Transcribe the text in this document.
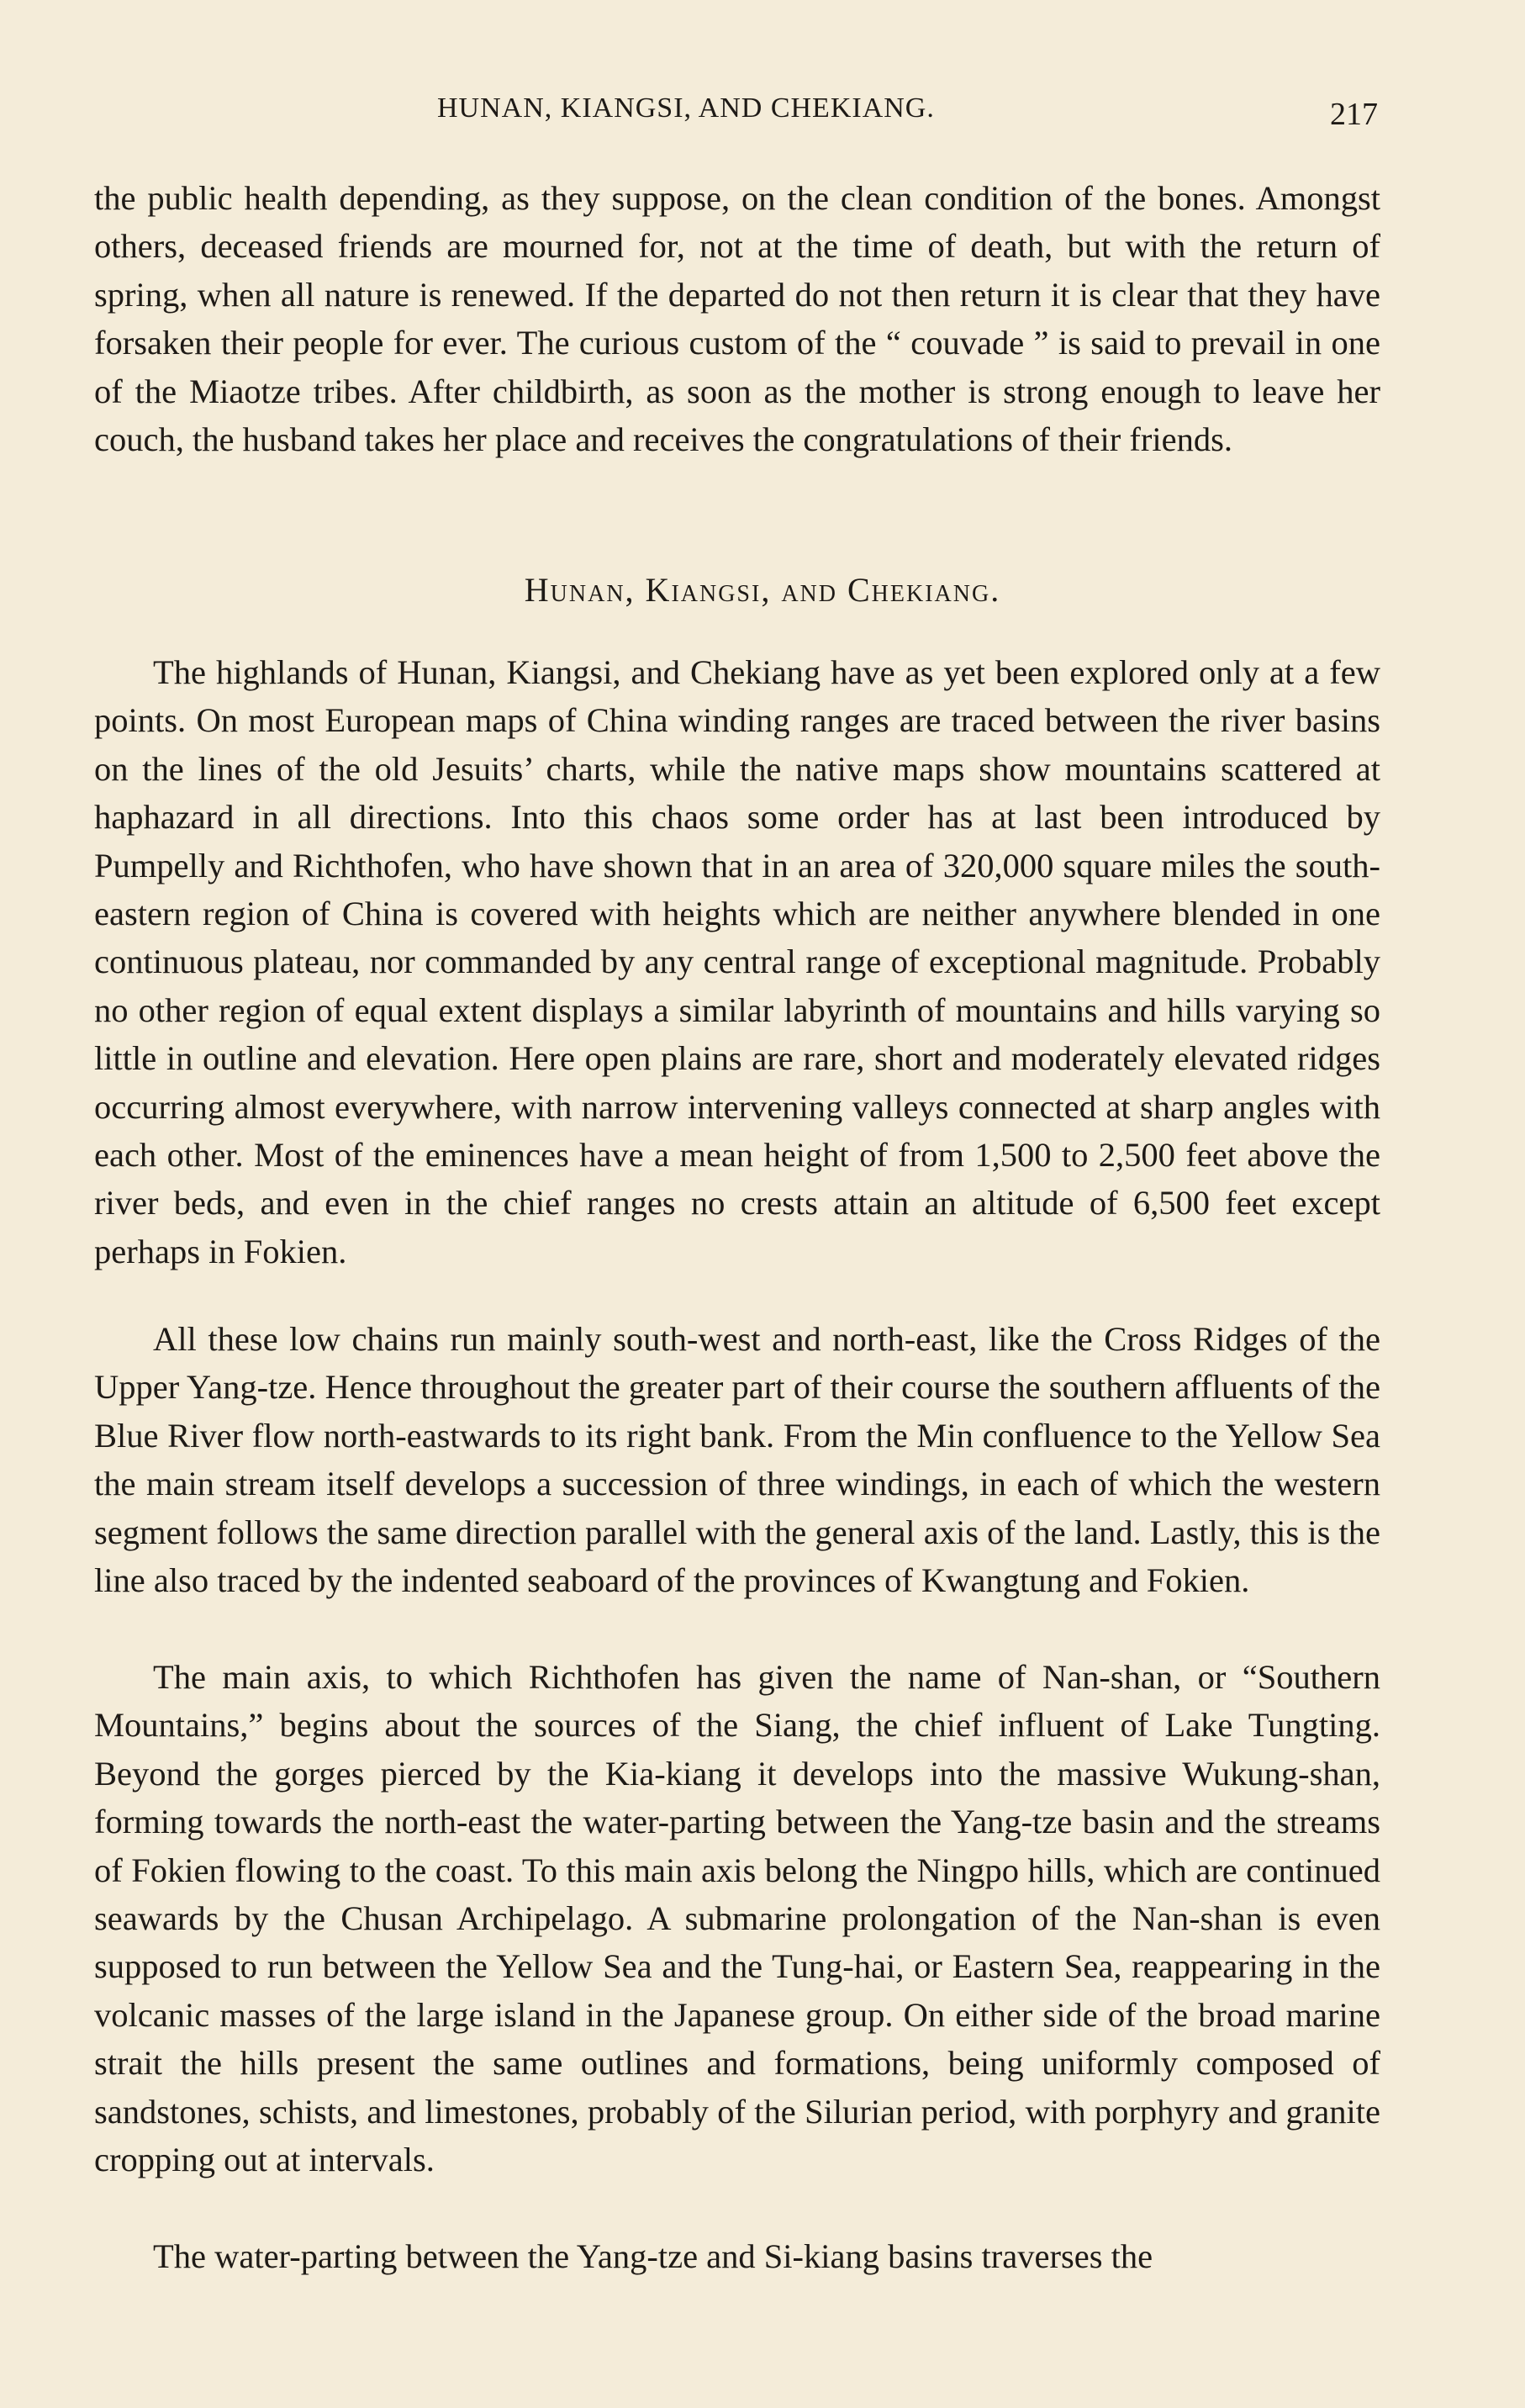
HUNAN, KIANGSI, AND CHEKIANG.	217

the public health depending, as they suppose, on the clean condition of the bones. Amongst others, deceased friends are mourned for, not at the time of death, but with the return of spring, when all nature is renewed. If the departed do not then return it is clear that they have forsaken their people for ever. The curious custom of the “ couvade ” is said to prevail in one of the Miaotze tribes. After childbirth, as soon as the mother is strong enough to leave her couch, the husband takes her place and receives the congratulations of their friends.

Hunan, Kiangsi, and Chekiang.

The highlands of Hunan, Kiangsi, and Chekiang have as yet been explored only at a few points. On most European maps of China winding ranges are traced between the river basins on the lines of the old Jesuits’ charts, while the native maps show mountains scattered at haphazard in all directions. Into this chaos some order has at last been introduced by Pumpelly and Richthofen, who have shown that in an area of 320,000 square miles the south-eastern region of China is covered with heights which are neither anywhere blended in one continuous plateau, nor commanded by any central range of exceptional magnitude. Probably no other region of equal extent displays a similar labyrinth of mountains and hills varying so little in outline and elevation. Here open plains are rare, short and moderately elevated ridges occurring almost everywhere, with narrow intervening valleys connected at sharp angles with each other. Most of the eminences have a mean height of from 1,500 to 2,500 feet above the river beds, and even in the chief ranges no crests attain an altitude of 6,500 feet except perhaps in Fokien.

All these low chains run mainly south-west and north-east, like the Cross Ridges of the Upper Yang-tze. Hence throughout the greater part of their course the southern affluents of the Blue River flow north-eastwards to its right bank. From the Min confluence to the Yellow Sea the main stream itself develops a succession of three windings, in each of which the western segment follows the same direction parallel with the general axis of the land. Lastly, this is the line also traced by the indented seaboard of the provinces of Kwangtung and Fokien.

The main axis, to which Richthofen has given the name of Nan-shan, or “Southern Mountains,” begins about the sources of the Siang, the chief influent of Lake Tungting. Beyond the gorges pierced by the Kia-kiang it develops into the massive Wukung-shan, forming towards the north-east the water-parting between the Yang-tze basin and the streams of Fokien flowing to the coast. To this main axis belong the Ningpo hills, which are continued seawards by the Chusan Archipelago. A submarine prolongation of the Nan-shan is even supposed to run between the Yellow Sea and the Tung-hai, or Eastern Sea, reappearing in the volcanic masses of the large island in the Japanese group. On either side of the broad marine strait the hills present the same outlines and formations, being uniformly composed of sandstones, schists, and limestones, probably of the Silurian period, with porphyry and granite cropping out at intervals.

The water-parting between the Yang-tze and Si-kiang basins traverses the
